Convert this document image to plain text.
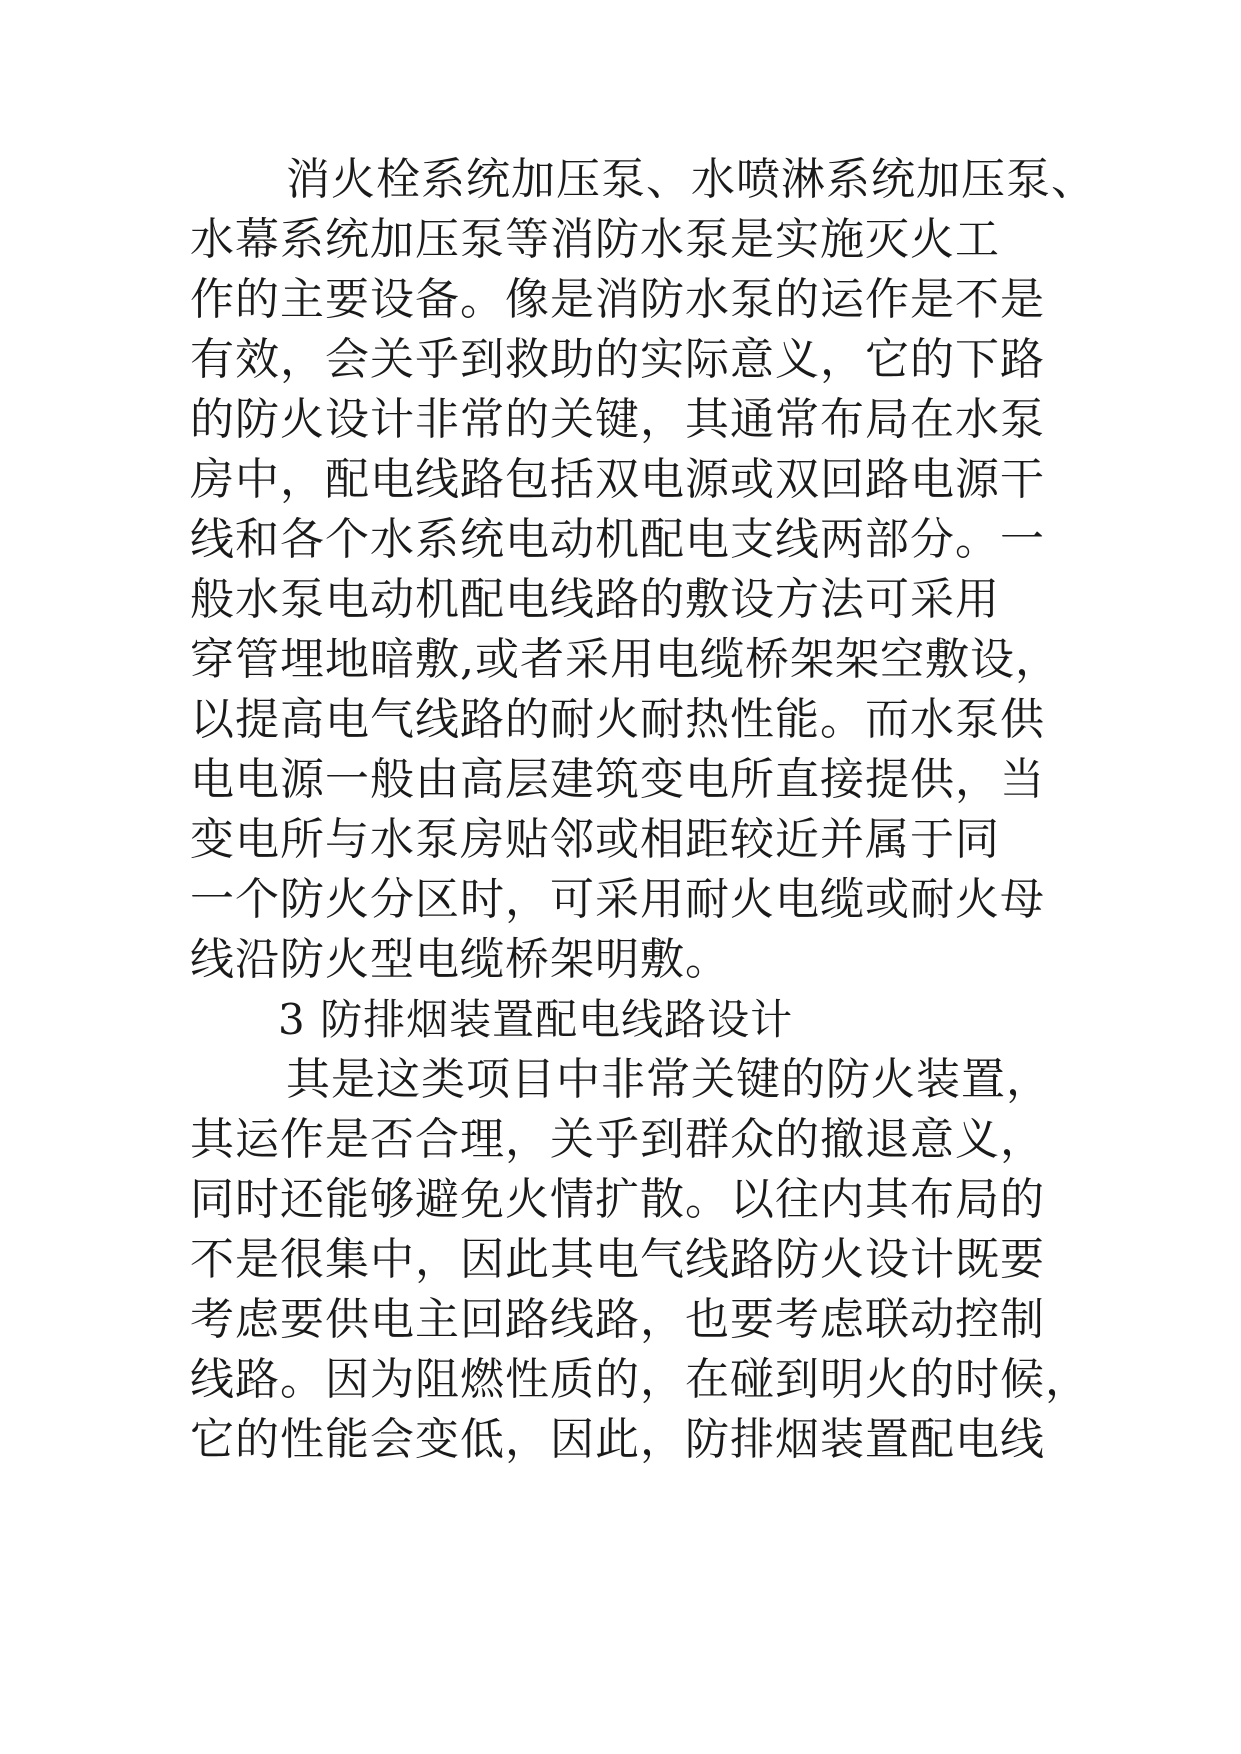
消火栓系统加压泵、水喷淋系统加压泵、
水幕系统加压泵等消防水泵是实施灭火工
作的主要设备。像是消防水泵的运作是不是
有效，会关乎到救助的实际意义，它的下路
的防火设计非常的关键，其通常布局在水泵
房中，配电线路包括双电源或双回路电源干
线和各个水系统电动机配电支线两部分。一
般水泵电动机配电线路的敷设方法可采用
穿管埋地暗敷,或者采用电缆桥架架空敷设，
以提高电气线路的耐火耐热性能。而水泵供
电电源一般由高层建筑变电所直接提供，当
变电所与水泵房贴邻或相距较近并属于同
一个防火分区时，可采用耐火电缆或耐火母
线沿防火型电缆桥架明敷。
3 防排烟装置配电线路设计
其是这类项目中非常关键的防火装置，
其运作是否合理，关乎到群众的撤退意义，
同时还能够避免火情扩散。以往内其布局的
不是很集中，因此其电气线路防火设计既要
考虑要供电主回路线路，也要考虑联动控制
线路。因为阻燃性质的，在碰到明火的时候，
它的性能会变低，因此，防排烟装置配电线
